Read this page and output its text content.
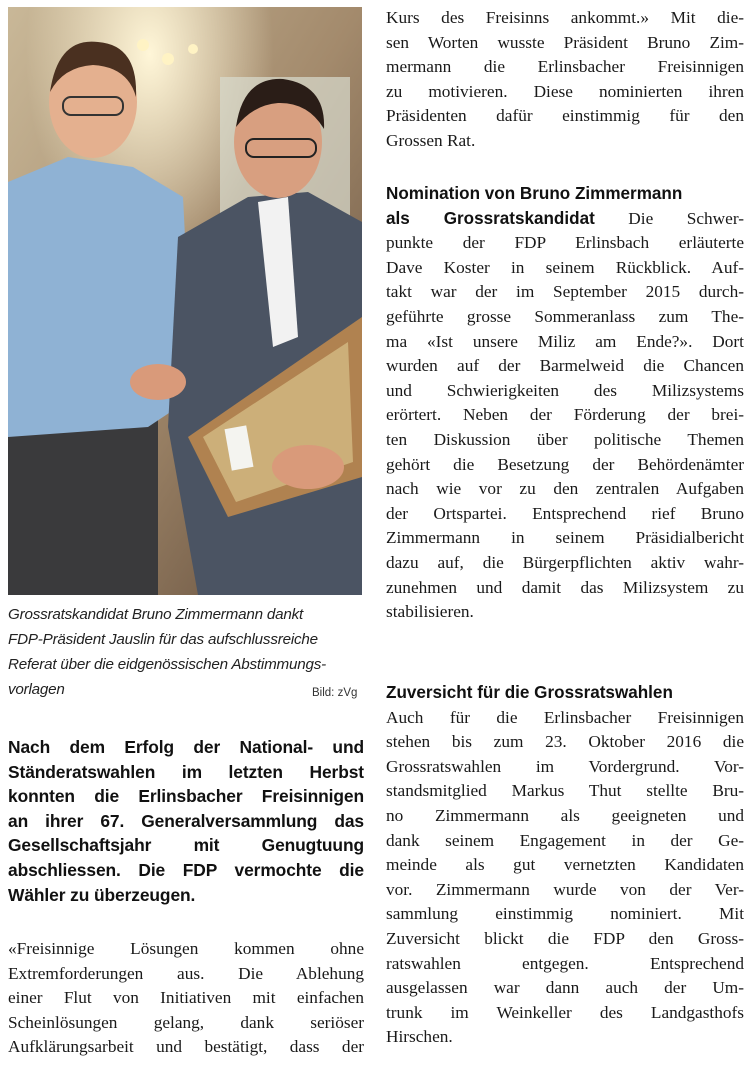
Grossratskandidat Bruno Zimmermann dankt
FDP-Präsident Jauslin für das aufschlussreiche
Referat über die eidgenössischen Abstimmungs-
vorlagen	Bild: zVg
Nach dem Erfolg der National- und
Ständeratswahlen im letzten Herbst
konnten die Erlinsbacher Freisinnigen
an ihrer 67. Generalversammlung das
Gesellschaftsjahr mit Genugtuung
abschliessen. Die FDP vermochte die
Wähler zu überzeugen.
«Freisinnige Lösungen kommen ohne
Extremforderungen aus. Die Ablehung
einer Flut von Initiativen mit einfachen
Scheinlösungen gelang, dank seriöser
Aufklärungsarbeit und bestätigt, dass der
Kurs des Freisinns ankommt.» Mit die-
sen Worten wusste Präsident Bruno Zim-
mermann die Erlinsbacher Freisinnigen
zu motivieren. Diese nominierten ihren
Präsidenten dafür einstimmig für den
Grossen Rat.
Nomination von Bruno Zimmermann
als Grossratskandidat Die Schwer-
punkte der FDP Erlinsbach erläuterte
Dave Koster in seinem Rückblick. Auf-
takt war der im September 2015 durch-
geführte grosse Sommeranlass zum The-
ma «Ist unsere Miliz am Ende?». Dort
wurden auf der Barmelweid die Chancen
und Schwierigkeiten des Milizsystems
erörtert. Neben der Förderung der brei-
ten Diskussion über politische Themen
gehört die Besetzung der Behördenämter
nach wie vor zu den zentralen Aufgaben
der Ortspartei. Entsprechend rief Bruno
Zimmermann in seinem Präsidialbericht
dazu auf, die Bürgerpflichten aktiv wahr-
zunehmen und damit das Milizsystem zu
stabilisieren.
Zuversicht für die Grossratswahlen
Auch für die Erlinsbacher Freisinnigen
stehen bis zum 23. Oktober 2016 die
Grossratswahlen im Vordergrund. Vor-
standsmitglied Markus Thut stellte Bru-
no Zimmermann als geeigneten und
dank seinem Engagement in der Ge-
meinde als gut vernetzten Kandidaten
vor. Zimmermann wurde von der Ver-
sammlung einstimmig nominiert. Mit
Zuversicht blickt die FDP den Gross-
ratswahlen entgegen. Entsprechend
ausgelassen war dann auch der Um-
trunk im Weinkeller des Landgasthofs
Hirschen.
